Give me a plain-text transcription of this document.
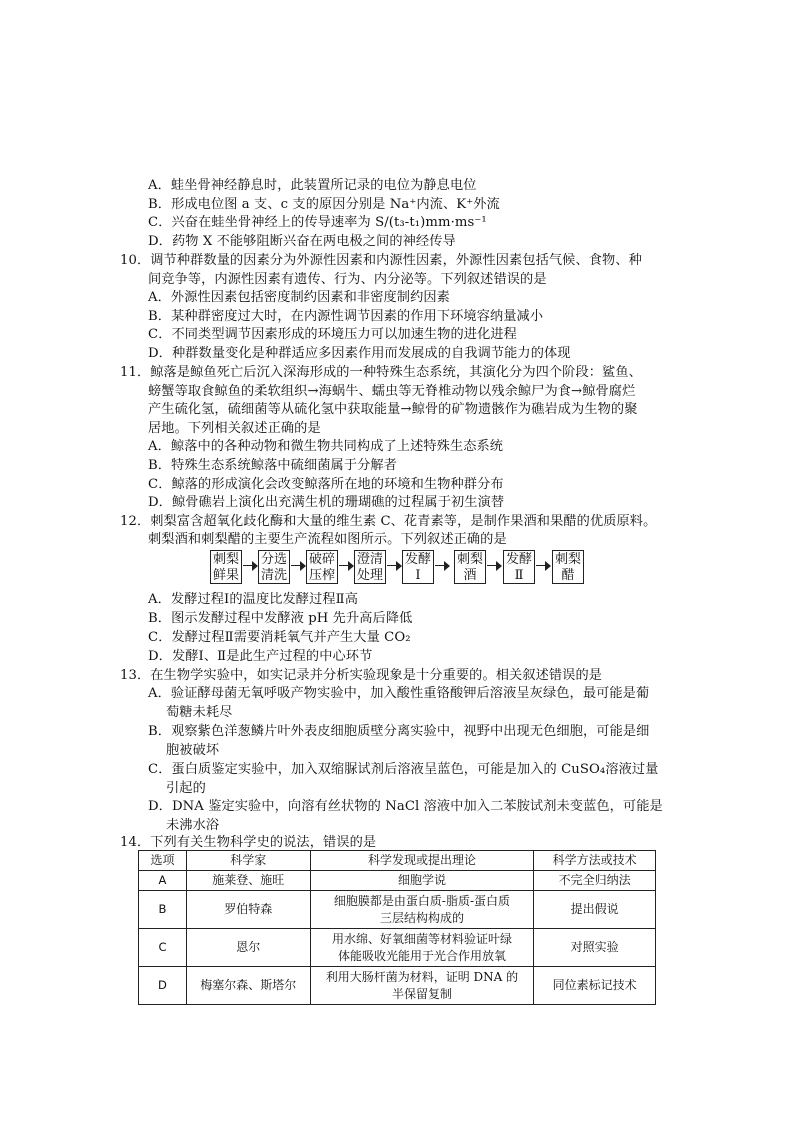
A．蛙坐骨神经静息时，此装置所记录的电位为静息电位
B．形成电位图 a 支、c 支的原因分别是 Na⁺内流、K⁺外流
C．兴奋在蛙坐骨神经上的传导速率为 S/(t₃-t₁)mm·ms⁻¹
D．药物 X 不能够阻断兴奋在两电极之间的神经传导
10．调节种群数量的因素分为外源性因素和内源性因素，外源性因素包括气候、食物、种
间竞争等，内源性因素有遗传、行为、内分泌等。下列叙述错误的是
A．外源性因素包括密度制约因素和非密度制约因素
B．某种群密度过大时，在内源性调节因素的作用下环境容纳量减小
C．不同类型调节因素形成的环境压力可以加速生物的进化进程
D．种群数量变化是种群适应多因素作用而发展成的自我调节能力的体现
11．鲸落是鲸鱼死亡后沉入深海形成的一种特殊生态系统，其演化分为四个阶段：鲨鱼、
螃蟹等取食鲸鱼的柔软组织→海蜗牛、蠕虫等无脊椎动物以残余鲸尸为食→鲸骨腐烂
产生硫化氢，硫细菌等从硫化氢中获取能量→鲸骨的矿物遗骸作为礁岩成为生物的聚
居地。下列相关叙述正确的是
A．鲸落中的各种动物和微生物共同构成了上述特殊生态系统
B．特殊生态系统鲸落中硫细菌属于分解者
C．鲸落的形成演化会改变鲸落所在地的环境和生物种群分布
D．鲸骨礁岩上演化出充满生机的珊瑚礁的过程属于初生演替
12．刺梨富含超氧化歧化酶和大量的维生素 C、花青素等，是制作果酒和果醋的优质原料。
刺梨酒和刺梨醋的主要生产流程如图所示。下列叙述正确的是
刺梨
鲜果
分选
清洗
破碎
压榨
澄清
处理
发酵
Ⅰ
刺梨
酒
发酵
Ⅱ
刺梨
醋
A．发酵过程Ⅰ的温度比发酵过程Ⅱ高
B．图示发酵过程中发酵液 pH 先升高后降低
C．发酵过程Ⅱ需要消耗氧气并产生大量 CO₂
D．发酵Ⅰ、Ⅱ是此生产过程的中心环节
13．在生物学实验中，如实记录并分析实验现象是十分重要的。相关叙述错误的是
A．验证酵母菌无氧呼吸产物实验中，加入酸性重铬酸钾后溶液呈灰绿色，最可能是葡
萄糖未耗尽
B．观察紫色洋葱鳞片叶外表皮细胞质壁分离实验中，视野中出现无色细胞，可能是细
胞被破坏
C．蛋白质鉴定实验中，加入双缩脲试剂后溶液呈蓝色，可能是加入的 CuSO₄溶液过量
引起的
D．DNA 鉴定实验中，向溶有丝状物的 NaCl 溶液中加入二苯胺试剂未变蓝色，可能是
未沸水浴
14．下列有关生物科学史的说法，错误的是
选项	科学家	科学发现或提出理论	科学方法或技术
A	施莱登、施旺	细胞学说	不完全归纳法
B	罗伯特森	细胞膜都是由蛋白质-脂质-蛋白质
三层结构构成的	提出假说
C	恩尔	用水绵、好氧细菌等材料验证叶绿
体能吸收光能用于光合作用放氧	对照实验
D	梅塞尔森、斯塔尔	利用大肠杆菌为材料，证明 DNA 的
半保留复制	同位素标记技术
